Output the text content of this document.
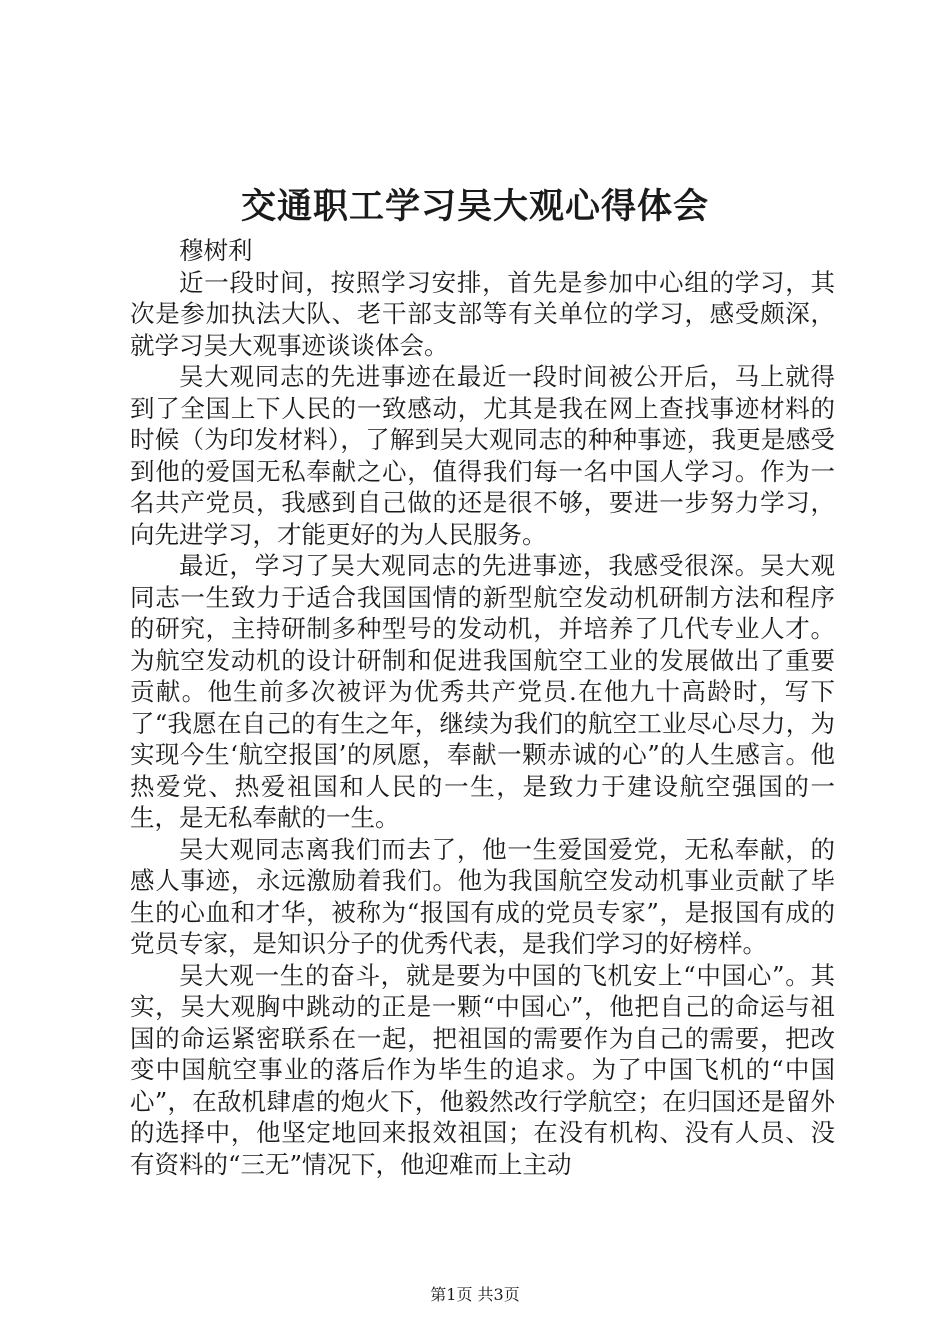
交通职工学习吴大观心得体会

穆树利

近一段时间，按照学习安排，首先是参加中心组的学习，其次是参加执法大队、老干部支部等有关单位的学习，感受颇深，就学习吴大观事迹谈谈体会。

吴大观同志的先进事迹在最近一段时间被公开后，马上就得到了全国上下人民的一致感动，尤其是我在网上查找事迹材料的时候（为印发材料），了解到吴大观同志的种种事迹，我更是感受到他的爱国无私奉献之心，值得我们每一名中国人学习。作为一名共产党员，我感到自己做的还是很不够，要进一步努力学习，向先进学习，才能更好的为人民服务。

最近，学习了吴大观同志的先进事迹，我感受很深。吴大观同志一生致力于适合我国国情的新型航空发动机研制方法和程序的研究，主持研制多种型号的发动机，并培养了几代专业人才。为航空发动机的设计研制和促进我国航空工业的发展做出了重要贡献。他生前多次被评为优秀共产党员.在他九十高龄时，写下了“我愿在自己的有生之年，继续为我们的航空工业尽心尽力，为实现今生‘航空报国’的夙愿，奉献一颗赤诚的心”的人生感言。他热爱党、热爱祖国和人民的一生，是致力于建设航空强国的一生，是无私奉献的一生。

吴大观同志离我们而去了，他一生爱国爱党，无私奉献，的感人事迹，永远激励着我们。他为我国航空发动机事业贡献了毕生的心血和才华，被称为“报国有成的党员专家”，是报国有成的党员专家，是知识分子的优秀代表，是我们学习的好榜样。

吴大观一生的奋斗，就是要为中国的飞机安上“中国心”。其实，吴大观胸中跳动的正是一颗“中国心”，他把自己的命运与祖国的命运紧密联系在一起，把祖国的需要作为自己的需要，把改变中国航空事业的落后作为毕生的追求。为了中国飞机的“中国心”，在敌机肆虐的炮火下，他毅然改行学航空；在归国还是留外的选择中，他坚定地回来报效祖国；在没有机构、没有人员、没有资料的“三无”情况下，他迎难而上主动

第1页 共3页
